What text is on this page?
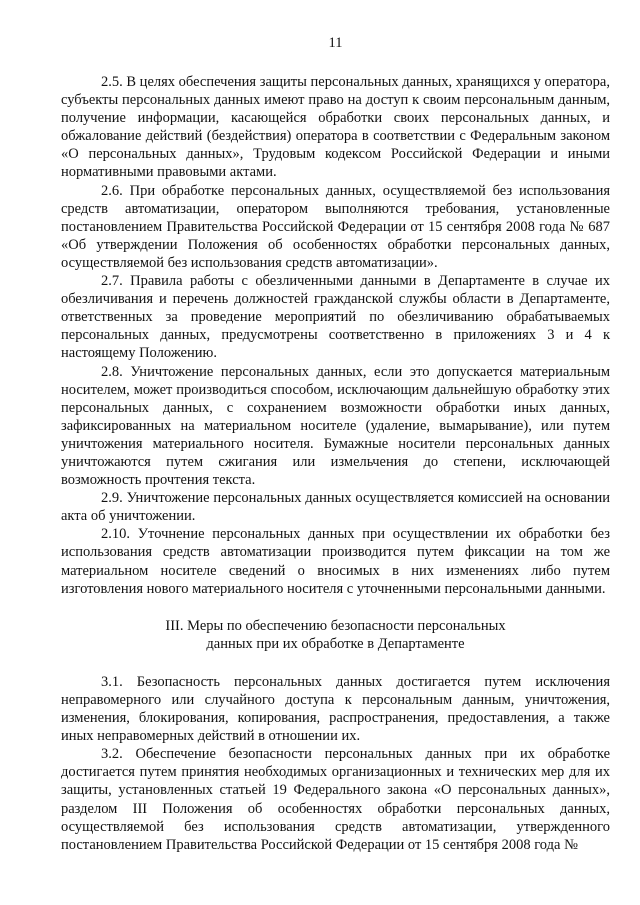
11

2.5. В целях обеспечения защиты персональных данных, хранящихся у оператора, субъекты персональных данных имеют право на доступ к своим персональным данным, получение информации, касающейся обработки своих персональных данных, и обжалование действий (бездействия) оператора в соответствии с Федеральным законом «О персональных данных», Трудовым кодексом Российской Федерации и иными нормативными правовыми актами.

2.6. При обработке персональных данных, осуществляемой без использования средств автоматизации, оператором выполняются требования, установленные постановлением Правительства Российской Федерации от 15 сентября 2008 года № 687 «Об утверждении Положения об особенностях обработки персональных данных, осуществляемой без использования средств автоматизации».

2.7. Правила работы с обезличенными данными в Департаменте в случае их обезличивания и перечень должностей гражданской службы области в Департаменте, ответственных за проведение мероприятий по обезличиванию обрабатываемых персональных данных, предусмотрены соответственно в приложениях 3 и 4 к настоящему Положению.

2.8. Уничтожение персональных данных, если это допускается материальным носителем, может производиться способом, исключающим дальнейшую обработку этих персональных данных, с сохранением возможности обработки иных данных, зафиксированных на материальном носителе (удаление, вымарывание), или путем уничтожения материального носителя. Бумажные носители персональных данных уничтожаются путем сжигания или измельчения до степени, исключающей возможность прочтения текста.

2.9. Уничтожение персональных данных осуществляется комиссией на основании акта об уничтожении.

2.10. Уточнение персональных данных при осуществлении их обработки без использования средств автоматизации производится путем фиксации на том же материальном носителе сведений о вносимых в них изменениях либо путем изготовления нового материального носителя с уточненными персональными данными.

III. Меры по обеспечению безопасности персональных
данных при их обработке в Департаменте

3.1. Безопасность персональных данных достигается путем исключения неправомерного или случайного доступа к персональным данным, уничтожения, изменения, блокирования, копирования, распространения, предоставления, а также иных неправомерных действий в отношении их.

3.2. Обеспечение безопасности персональных данных при их обработке достигается путем принятия необходимых организационных и технических мер для их защиты, установленных статьей 19 Федерального закона «О персональных данных», разделом III Положения об особенностях обработки персональных данных, осуществляемой без использования средств автоматизации, утвержденного постановлением Правительства Российской Федерации от 15 сентября 2008 года №
